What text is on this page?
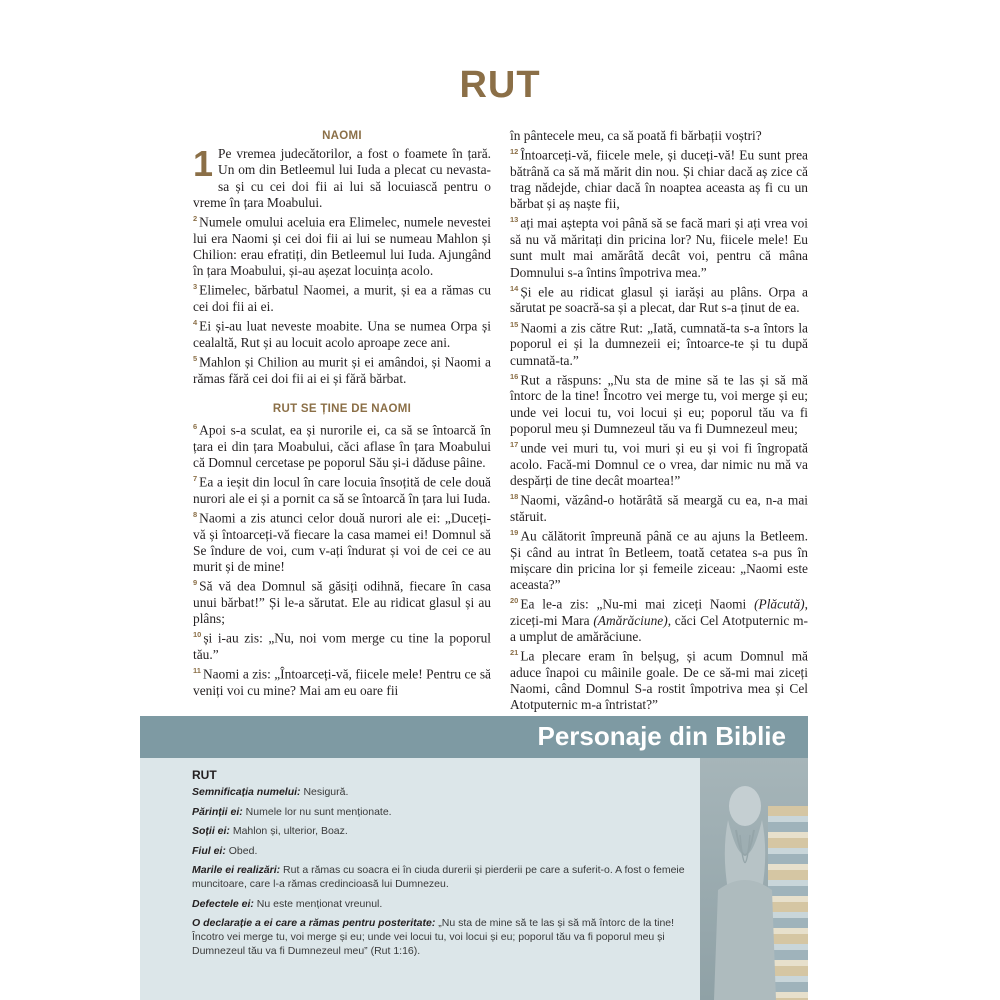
RUT
NAOMI

1 Pe vremea judecătorilor, a fost o foamete în țară. Un om din Betleemul lui Iuda a plecat cu nevasta-sa și cu cei doi fii ai lui să locuiască pentru o vreme în țara Moabului.

$^2$ Numele omului aceluia era Elimelec, numele nevestei lui era Naomi și cei doi fii ai lui se numeau Mahlon și Chilion: erau efratiți, din Betleemul lui Iuda. Ajungând în țara Moabului, și-au așezat locuința acolo.

$^3$ Elimelec, bărbatul Naomei, a murit, și ea a rămas cu cei doi fii ai ei.

$^4$ Ei și-au luat neveste moabite. Una se numea Orpa și cealaltă, Rut și au locuit acolo aproape zece ani.

$^5$ Mahlon și Chilion au murit și ei amândoi, și Naomi a rămas fără cei doi fii ai ei și fără bărbat.

RUT SE ȚINE DE NAOMI

$^6$ Apoi s-a sculat, ea și nurorile ei, ca să se întoarcă în țara ei din țara Moabului, căci aflase în țara Moabului că Domnul cercetase pe poporul Său și-i dăduse pâine.

$^7$ Ea a ieșit din locul în care locuia însoțită de cele două nurori ale ei și a pornit ca să se întoarcă în țara lui Iuda.

$^8$ Naomi a zis atunci celor două nurori ale ei: „Duceți-vă și întoarceți-vă fiecare la casa mamei ei! Domnul să Se îndure de voi, cum v-ați îndurat și voi de cei ce au murit și de mine!

$^9$ Să vă dea Domnul să găsiți odihnă, fiecare în casa unui bărbat!” Și le-a sărutat. Ele au ridicat glasul și au plâns;

$^{10}$ și i-au zis: „Nu, noi vom merge cu tine la poporul tău.”

$^{11}$ Naomi a zis: „Întoarceți-vă, fiicele mele! Pentru ce să veniți voi cu mine? Mai am eu oare fii

în pântecele meu, ca să poată fi bărbații voștri?

$^{12}$ Întoarceți-vă, fiicele mele, și duceți-vă! Eu sunt prea bătrână ca să mă mărit din nou. Și chiar dacă aș zice că trag nădejde, chiar dacă în noaptea aceasta aș fi cu un bărbat și aș naște fii,

$^{13}$ ați mai aștepta voi până să se facă mari și ați vrea voi să nu vă măritați din pricina lor? Nu, fiicele mele! Eu sunt mult mai amărâtă decât voi, pentru că mâna Domnului s-a întins împotriva mea.”

$^{14}$ Și ele au ridicat glasul și iarăși au plâns. Orpa a sărutat pe soacră-sa și a plecat, dar Rut s-a ținut de ea.

$^{15}$ Naomi a zis către Rut: „Iată, cumnată-ta s-a întors la poporul ei și la dumnezeii ei; întoarce-te și tu după cumnată-ta.”

$^{16}$ Rut a răspuns: „Nu sta de mine să te las și să mă întorc de la tine! Încotro vei merge tu, voi merge și eu; unde vei locui tu, voi locui și eu; poporul tău va fi poporul meu și Dumnezeul tău va fi Dumnezeul meu;

$^{17}$ unde vei muri tu, voi muri și eu și voi fi îngropată acolo. Facă-mi Domnul ce o vrea, dar nimic nu mă va despărți de tine decât moartea!”

$^{18}$ Naomi, văzând-o hotărâtă să meargă cu ea, n-a mai stăruit.

$^{19}$ Au călătorit împreună până ce au ajuns la Betleem. Și când au intrat în Betleem, toată cetatea s-a pus în mișcare din pricina lor și femeile ziceau: „Naomi este aceasta?”

$^{20}$ Ea le-a zis: „Nu-mi mai ziceți Naomi (Plăcută), ziceți-mi Mara (Amărăciune), căci Cel Atotputernic m-a umplut de amărăciune.

$^{21}$ La plecare eram în belșug, și acum Domnul mă aduce înapoi cu mâinile goale. De ce să-mi mai ziceți Naomi, când Domnul S-a rostit împotriva mea și Cel Atotputernic m-a întristat?”

Personaje din Biblie
RUT

Semnificația numelui: Nesigură.

Părinții ei: Numele lor nu sunt menționate.

Soții ei: Mahlon și, ulterior, Boaz.

Fiul ei: Obed.

Marile ei realizări: Rut a rămas cu soacra ei în ciuda durerii și pierderii pe care a suferit-o. A fost o femeie muncitoare, care l-a rămas credincioasă lui Dumnezeu.

Defectele ei: Nu este menționat vreunul.

O declarație a ei care a rămas pentru posteritate: „Nu sta de mine să te las și să mă întorc de la tine! Încotro vei merge tu, voi merge și eu; unde vei locui tu, voi locui și eu; poporul tău va fi poporul meu și Dumnezeul tău va fi Dumnezeul meu” (Rut 1:16).
